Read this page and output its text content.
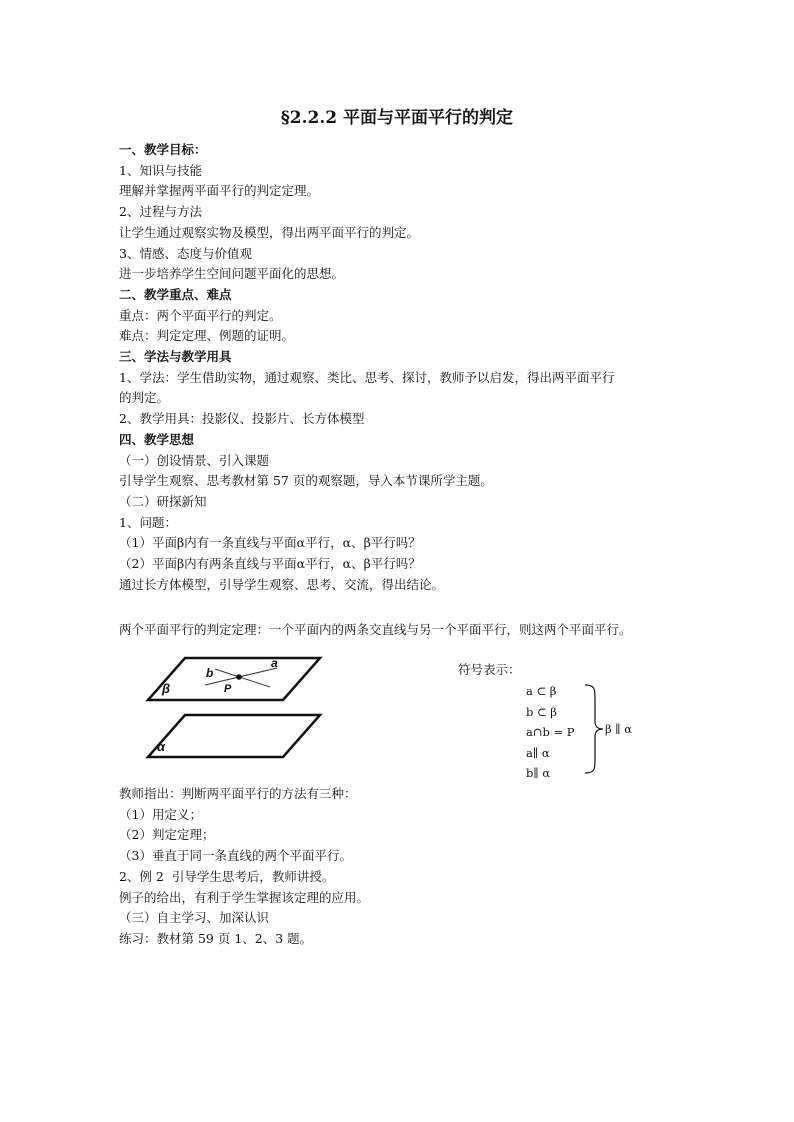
§2.2.2 平面与平面平行的判定
一、教学目标：
1、知识与技能
理解并掌握两平面平行的判定定理。
2、过程与方法
让学生通过观察实物及模型，得出两平面平行的判定。
3、情感、态度与价值观
进一步培养学生空间问题平面化的思想。
二、教学重点、难点
重点：两个平面平行的判定。
难点：判定定理、例题的证明。
三、学法与教学用具
1、学法：学生借助实物，通过观察、类比、思考、探讨，教师予以启发，得出两平面平行
的判定。
2、教学用具：投影仪、投影片、长方体模型
四、教学思想
（一）创设情景、引入课题
引导学生观察、思考教材第 57 页的观察题，导入本节课所学主题。
（二）研探新知
1、问题：
（1）平面β内有一条直线与平面α平行，α、β平行吗？
（2）平面β内有两条直线与平面α平行，α、β平行吗？
通过长方体模型，引导学生观察、思考、交流，得出结论。
两个平面平行的判定定理：一个平面内的两条交直线与另一个平面平行，则这两个平面平行。
b
a
β	P
α
符号表示：
a ⊂ β
b ⊂ β
a∩b = P
a∥ α
b∥ α
β ∥ α
教师指出：判断两平面平行的方法有三种：
（1）用定义；
（2）判定定理；
（3）垂直于同一条直线的两个平面平行。
2、例 2  引导学生思考后，教师讲授。
例子的给出，有利于学生掌握该定理的应用。
（三）自主学习、加深认识
练习：教材第 59 页 1、2、3 题。
